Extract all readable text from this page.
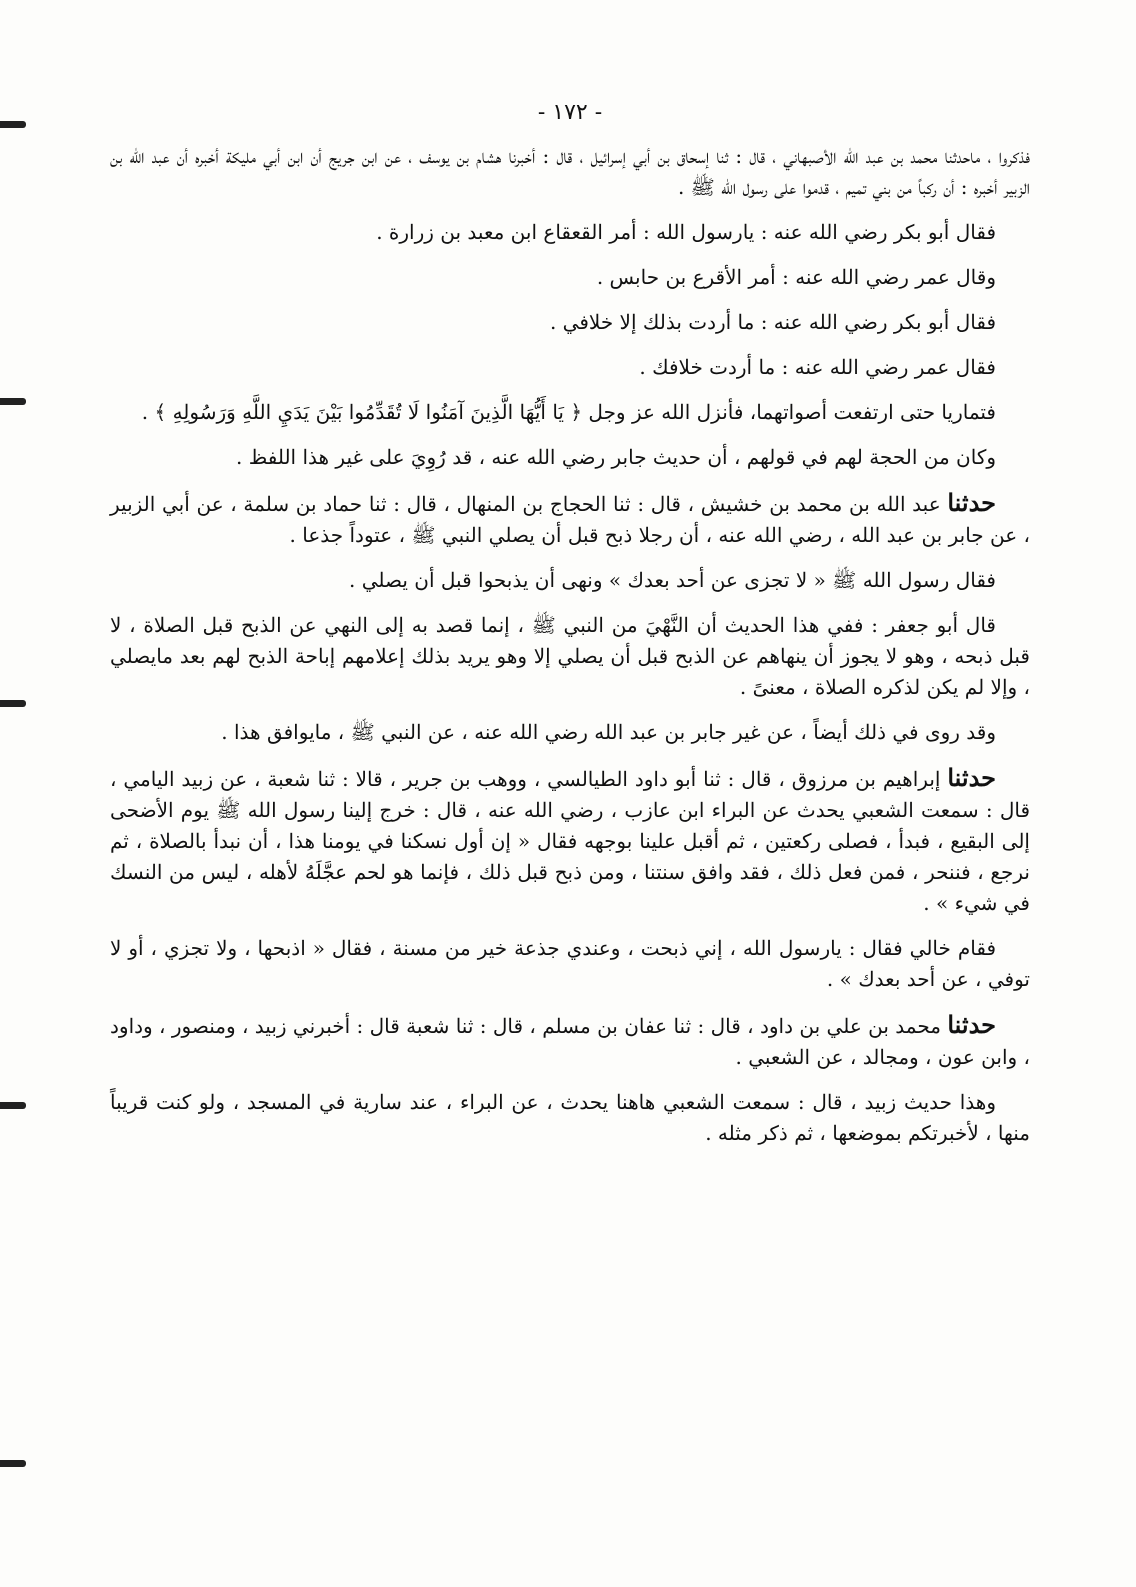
- ١٧٢ -

فذكروا ، ماحدثنا محمد بن عبد الله الأصبهاني ، قال : ثنا إسحاق بن أبي إسرائيل ، قال : أخبرنا هشام بن يوسف ، عن ابن جريج أن ابن أبي مليكة أخبره أن عبد الله بن الزبير أخبره : أن ركباً من بني تميم ، قدموا على رسول الله ﷺ .

فقال أبو بكر رضي الله عنه : يارسول الله : أمر القعقاع ابن معبد بن زرارة .

وقال عمر رضي الله عنه : أمر الأقرع بن حابس .

فقال أبو بكر رضي الله عنه : ما أردت بذلك إلا خلافي .

فقال عمر رضي الله عنه : ما أردت خلافك .

فتماريا حتى ارتفعت أصواتهما، فأنزل الله عز وجل ﴿ يَا أَيُّهَا الَّذِينَ آمَنُوا لَا تُقَدِّمُوا بَيْنَ يَدَيِ اللَّهِ وَرَسُولِهِ ﴾ .

وكان من الحجة لهم في قولهم ، أن حديث جابر رضي الله عنه ، قد رُوِيَ على غير هذا اللفظ .

حدثنا عبد الله بن محمد بن خشيش ، قال : ثنا الحجاج بن المنهال ، قال : ثنا حماد بن سلمة ، عن أبي الزبير ، عن جابر بن عبد الله ، رضي الله عنه ، أن رجلا ذبح قبل أن يصلي النبي ﷺ ، عتوداً جذعا .

فقال رسول الله ﷺ « لا تجزى عن أحد بعدك » ونهى أن يذبحوا قبل أن يصلي .

قال أبو جعفر : ففي هذا الحديث أن النَّهْيَ من النبي ﷺ ، إنما قصد به إلى النهي عن الذبح قبل الصلاة ، لا قبل ذبحه ، وهو لا يجوز أن ينهاهم عن الذبح قبل أن يصلي إلا وهو يريد بذلك إعلامهم إباحة الذبح لهم بعد مايصلي ، وإلا لم يكن لذكره الصلاة ، معنىً .

وقد روى في ذلك أيضاً ، عن غير جابر بن عبد الله رضي الله عنه ، عن النبي ﷺ ، مايوافق هذا .

حدثنا إبراهيم بن مرزوق ، قال : ثنا أبو داود الطيالسي ، ووهب بن جرير ، قالا : ثنا شعبة ، عن زبيد اليامي ، قال : سمعت الشعبي يحدث عن البراء ابن عازب ، رضي الله عنه ، قال : خرج إلينا رسول الله ﷺ يوم الأضحى إلى البقيع ، فبدأ ، فصلى ركعتين ، ثم أقبل علينا بوجهه فقال « إن أول نسكنا في يومنا هذا ، أن نبدأ بالصلاة ، ثم نرجع ، فننحر ، فمن فعل ذلك ، فقد وافق سنتنا ، ومن ذبح قبل ذلك ، فإنما هو لحم عجَّلَهُ لأهله ، ليس من النسك في شيء » .

فقام خالي فقال : يارسول الله ، إني ذبحت ، وعندي جذعة خير من مسنة ، فقال « اذبحها ، ولا تجزي ، أو لا توفي ، عن أحد بعدك » .

حدثنا محمد بن علي بن داود ، قال : ثنا عفان بن مسلم ، قال : ثنا شعبة قال : أخبرني زبيد ، ومنصور ، وداود ، وابن عون ، ومجالد ، عن الشعبي .

وهذا حديث زبيد ، قال : سمعت الشعبي هاهنا يحدث ، عن البراء ، عند سارية في المسجد ، ولو كنت قريباً منها ، لأخبرتكم بموضعها ، ثم ذكر مثله .
